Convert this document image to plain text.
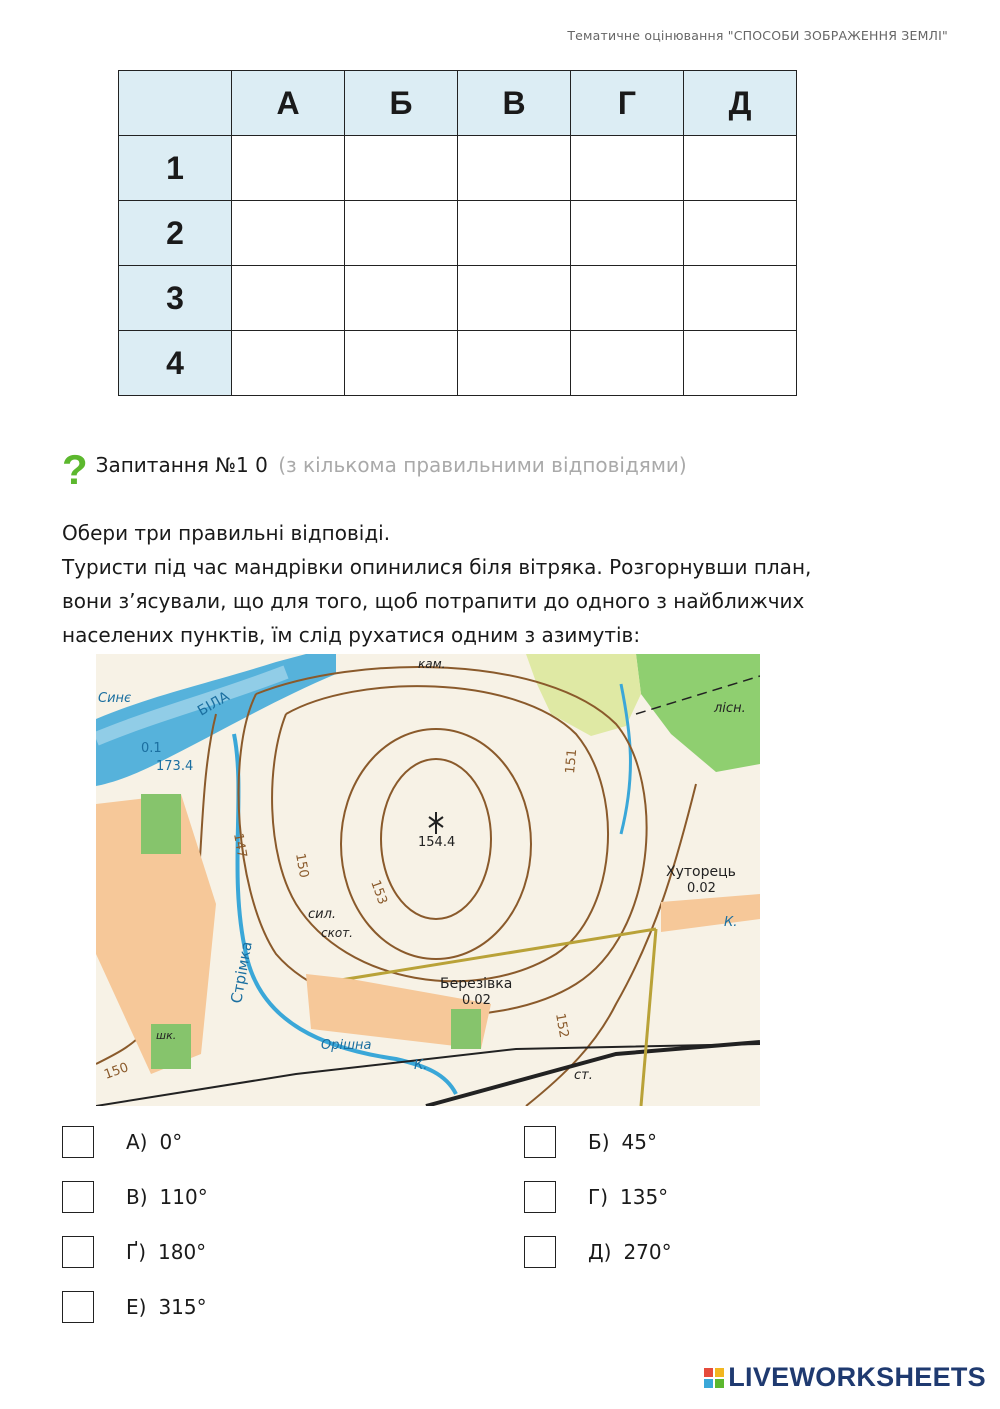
Тематичне оцінювання "СПОСОБИ ЗОБРАЖЕННЯ ЗЕМЛІ"
	А	Б	В	Г	Д
1					
2					
3					
4					
? Запитання №1 0 (з кількома правильними відповідями)
Обери три правильні відповіді.
Туристи під час мандрівки опинилися біля вітряка. Розгорнувши план,
вони з’ясували, що для того, щоб потрапити до одного з найближчих
населених пунктів, їм слід рухатися одним з азимутів:
БІЛА
0.1
173.4
Синє
Стрімка
Орішна
154.4
Березівка
0.02
Хуторець
0.02
150
150
147
151
152
153
лісн.
сил.
скот.
кам.
шк.
ст.
К.
К.
А) 0°	Б) 45°
В) 110°	Г) 135°
Ґ) 180°	Д) 270°
Е) 315°
LIVEWORKSHEETS
